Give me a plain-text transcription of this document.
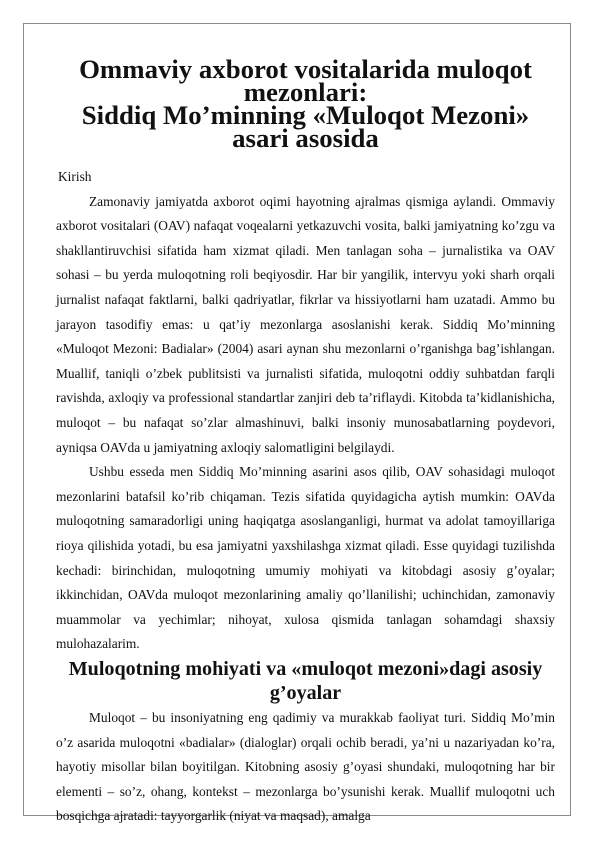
Ommaviy axborot vositalarida muloqot mezonlari:
Siddiq Mo’minning «Muloqot Mezoni» asari asosida
Kirish

Zamonaviy jamiyatda axborot oqimi hayotning ajralmas qismiga aylandi. Ommaviy axborot vositalari (OAV) nafaqat voqealarni yetkazuvchi vosita, balki jamiyatning ko’zgu va shakllantiruvchisi sifatida ham xizmat qiladi. Men tanlagan soha – jurnalistika va OAV sohasi – bu yerda muloqotning roli beqiyosdir. Har bir yangilik, intervyu yoki sharh orqali jurnalist nafaqat faktlarni, balki qadriyatlar, fikrlar va hissiyotlarni ham uzatadi. Ammo bu jarayon tasodifiy emas: u qat’iy mezonlarga asoslanishi kerak. Siddiq Mo’minning «Muloqot Mezoni: Badialar» (2004) asari aynan shu mezonlarni o’rganishga bag’ishlangan. Muallif, taniqli o’zbek publitsisti va jurnalisti sifatida, muloqotni oddiy suhbatdan farqli ravishda, axloqiy va professional standartlar zanjiri deb ta’riflaydi. Kitobda ta’kidlanishicha, muloqot – bu nafaqat so’zlar almashinuvi, balki insoniy munosabatlarning poydevori, ayniqsa OAVda u jamiyatning axloqiy salomatligini belgilaydi.

Ushbu esseda men Siddiq Mo’minning asarini asos qilib, OAV sohasidagi muloqot mezonlarini batafsil ko’rib chiqaman. Tezis sifatida quyidagicha aytish mumkin: OAVda muloqotning samaradorligi uning haqiqatga asoslanganligi, hurmat va adolat tamoyillariga rioya qilishida yotadi, bu esa jamiyatni yaxshilashga xizmat qiladi. Esse quyidagi tuzilishda kechadi: birinchidan, muloqotning umumiy mohiyati va kitobdagi asosiy g’oyalar; ikkinchidan, OAVda muloqot mezonlarining amaliy qo’llanilishi; uchinchidan, zamonaviy muammolar va yechimlar; nihoyat, xulosa qismida tanlagan sohamdagi shaxsiy mulohazalarim.

Muloqotning mohiyati va «muloqot mezoni»dagi asosiy g’oyalar

Muloqot – bu insoniyatning eng qadimiy va murakkab faoliyat turi. Siddiq Mo’min o’z asarida muloqotni «badialar» (dialoglar) orqali ochib beradi, ya’ni u nazariyadan ko’ra, hayotiy misollar bilan boyitilgan. Kitobning asosiy g’oyasi shundaki, muloqotning har bir elementi – so’z, ohang, kontekst – mezonlarga bo’ysunishi kerak. Muallif muloqotni uch bosqichga ajratadi: tayyorgarlik (niyat va maqsad), amalga
